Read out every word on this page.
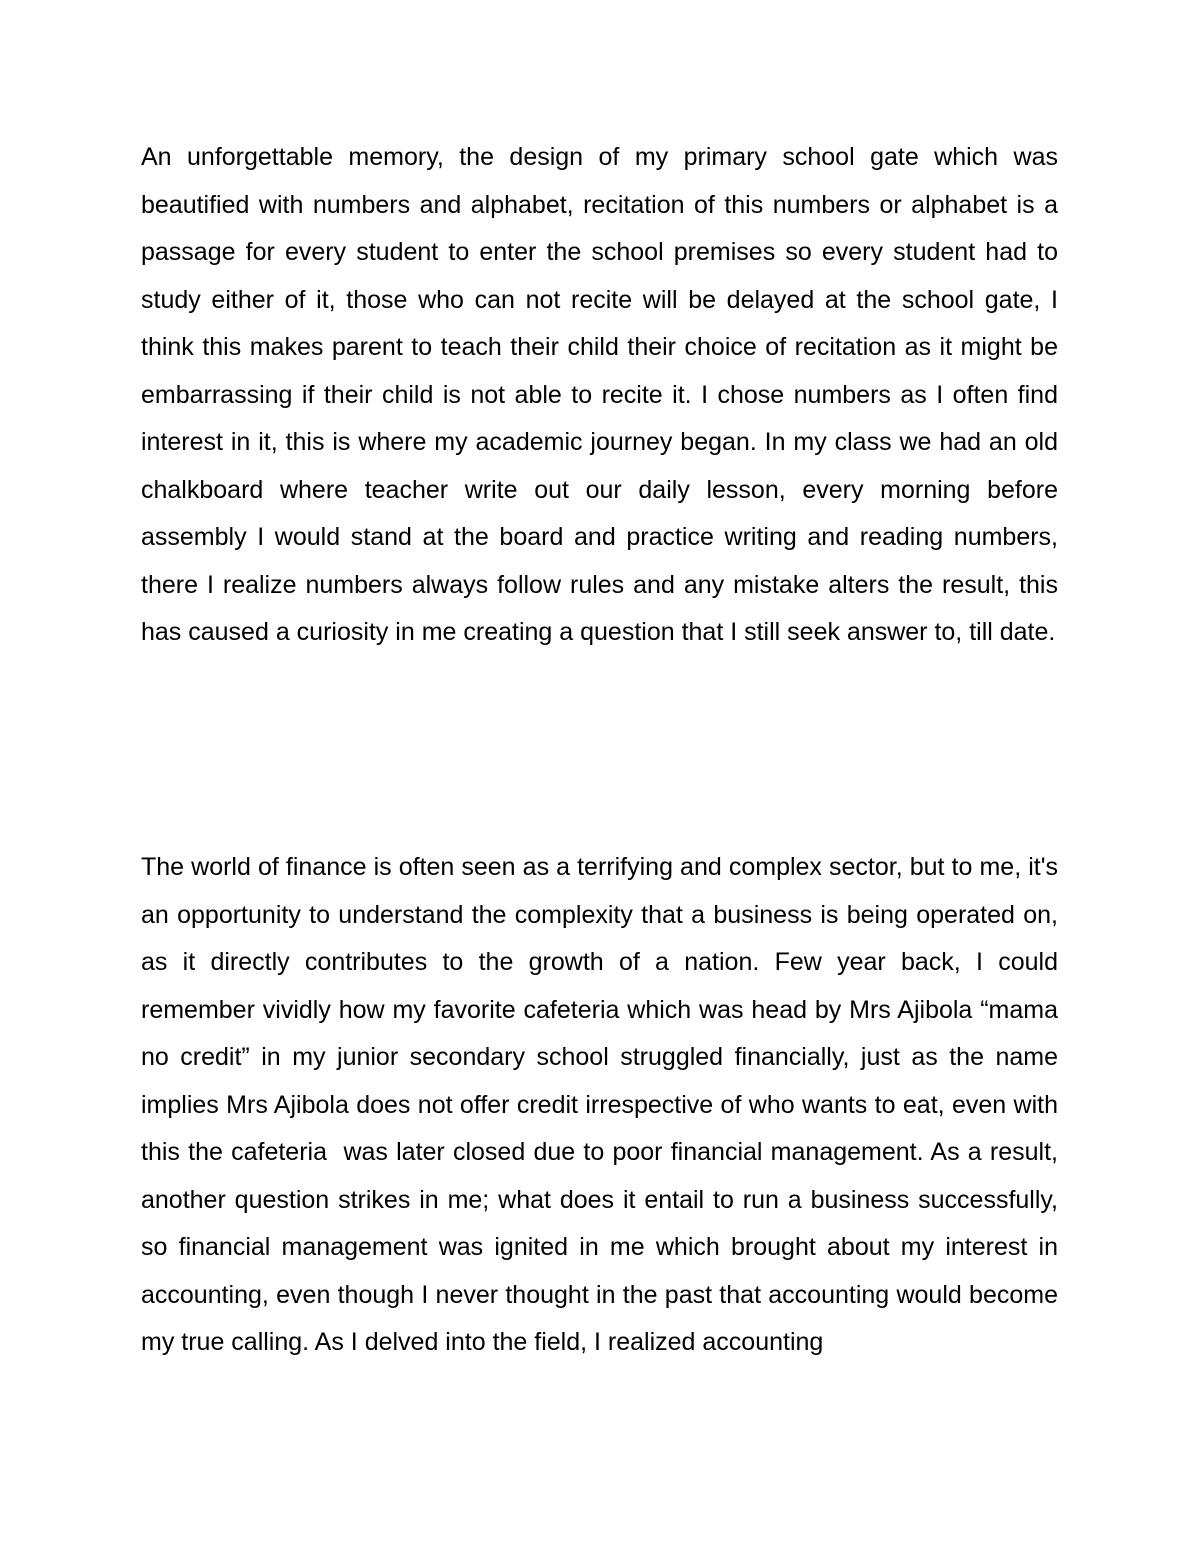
An unforgettable memory, the design of my primary school gate which was beautified with numbers and alphabet, recitation of this numbers or alphabet is a passage for every student to enter the school premises so every student had to study either of it, those who can not recite will be delayed at the school gate, I think this makes parent to teach their child their choice of recitation as it might be embarrassing if their child is not able to recite it. I chose numbers as I often find interest in it, this is where my academic journey began. In my class we had an old chalkboard where teacher write out our daily lesson, every morning before assembly I would stand at the board and practice writing and reading numbers, there I realize numbers always follow rules and any mistake alters the result, this has caused a curiosity in me creating a question that I still seek answer to, till date.

The world of finance is often seen as a terrifying and complex sector, but to me, it's  an opportunity to understand the complexity that a business is being operated on, as it directly contributes to the growth of a nation. Few year back, I could remember vividly how my favorite cafeteria which was head by Mrs Ajibola “mama no credit” in my junior secondary school struggled financially, just as the name implies Mrs Ajibola does not offer credit irrespective of who wants to eat, even with this the cafeteria  was later closed due to poor financial management. As a result, another question strikes in me; what does it entail to run a business successfully, so financial management was ignited in me which brought about my interest in accounting, even though I never thought in the past that accounting would become my true calling. As I delved into the field, I realized accounting
